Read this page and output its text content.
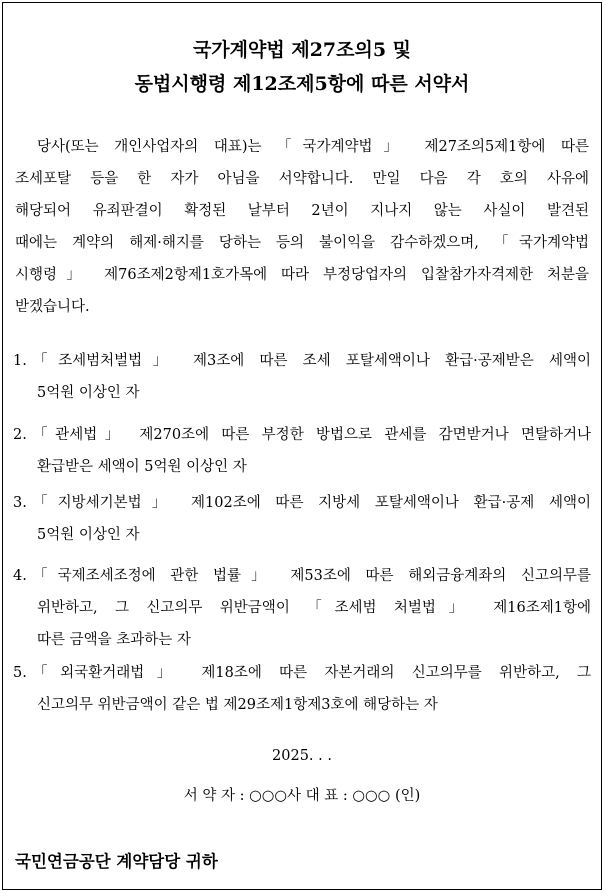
국가계약법 제27조의5 및
동법시행령 제12조제5항에 따른 서약서
당사(또는 개인사업자의 대표)는 「국가계약법」 제27조의5제1항에 따른
조세포탈 등을 한 자가 아님을 서약합니다. 만일 다음 각 호의 사유에
해당되어 유죄판결이 확정된 날부터 2년이 지나지 않는 사실이 발견된
때에는 계약의 해제·해지를 당하는 등의 불이익을 감수하겠으며, 「국가계약법
시행령」 제76조제2항제1호가목에 따라 부정당업자의 입찰참가자격제한 처분을
받겠습니다.
1. 「조세범처벌법」 제3조에 따른 조세 포탈세액이나 환급·공제받은 세액이
5억원 이상인 자
2. 「관세법」 제270조에 따른 부정한 방법으로 관세를 감면받거나 면탈하거나
환급받은 세액이 5억원 이상인 자
3. 「지방세기본법」 제102조에 따른 지방세 포탈세액이나 환급·공제 세액이
5억원 이상인 자
4. 「국제조세조정에 관한 법률」 제53조에 따른 해외금융계좌의 신고의무를
위반하고, 그 신고의무 위반금액이 「조세범 처벌법」 제16조제1항에
따른 금액을 초과하는 자
5. 「외국환거래법」 제18조에 따른 자본거래의 신고의무를 위반하고, 그
신고의무 위반금액이 같은 법 제29조제1항제3호에 해당하는 자
2025. . .
서 약 자 : ○○○사 대 표 : ○○○ (인)
국민연금공단 계약담당 귀하
